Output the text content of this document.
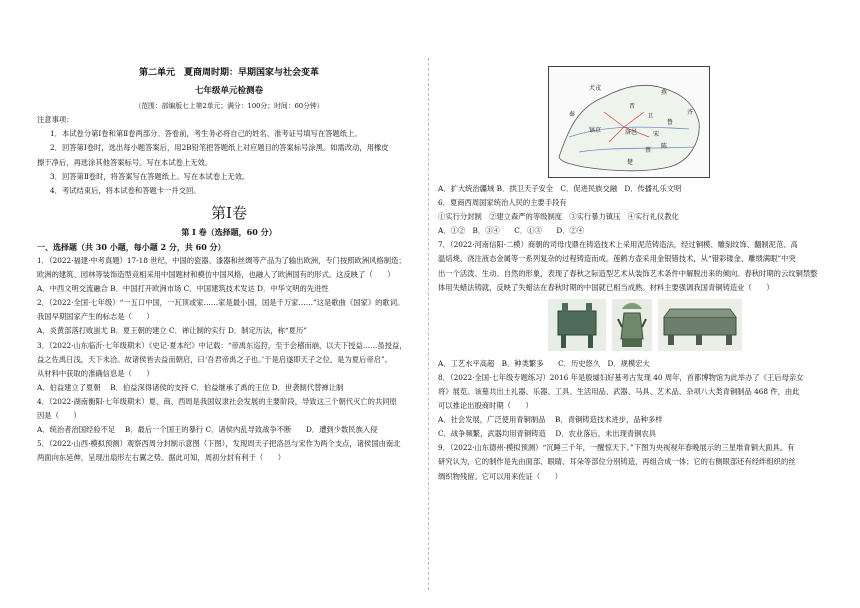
第二单元　夏商周时期：早期国家与社会变革
七年级单元检测卷
（范围：部编版七上第2单元；满分：100分；时间：60分钟）

注意事项：

1．本试卷分第Ⅰ卷和第Ⅱ卷两部分。答卷前，考生务必将自己的姓名、准考证号填写在答题纸上。

2．回答第Ⅰ卷时，选出每小题答案后，用2B铅笔把答题纸上对应题目的答案标号涂黑。如需改动，用橡皮

擦干净后，再选涂其他答案标号。写在本试卷上无效。

3．回答第Ⅱ卷时，将答案写在答题纸上。写在本试卷上无效。

4．考试结束后，将本试卷和答题卡一并交回。

第Ⅰ卷
第 I 卷（选择题，60 分）
一、选择题（共 30 小题，每小题 2 分，共 60 分）

1．（2022·福建·中考真题）17-18 世纪，中国的瓷器、漆器和丝绸等产品为了输出欧洲，专门按照欧洲风格制造；

欧洲的建筑、园林等装饰造型竞相采用中国题材和模仿中国风格，也融入了欧洲国有的形式。这反映了（　　）

A．中西文明交流融合 B．中国打开欧洲市场 C．中国建筑技术发达 D．中华文明的先进性

2．（2022·全国·七年级）“一五口中国，一瓦顶或家……家是最小国，国是千万家……”这是歌曲《国家》的歌词。

我国早期国家产生的标志是（　　）

A．炎黄部落打败蚩尤 B．夏王朝的建立 C．禅让制的实行 D．制定历法，称“夏历”

3．（2022·山东临沂·七年级期末）《史记·夏本纪》中记载：“帝禹东巡狩，至于会稽而崩，以天下授益……虽授益，

益之佐禹日浅，天下未洽。故诸侯皆去益而朝启，曰‘吾君帝禹之子也。’于是启遂即天子之位，是为夏后帝启”。

从材料中获取的准确信息是（　　）

A．伯益建立了夏朝　 B．伯益深得诸侯的支持 C．伯益继承了禹的王位 D．世袭制代替禅让制

4．（2022·湖南衡阳·七年级期末）夏、商、西周是我国奴隶社会发展的主要阶段，导致这三个朝代灭亡的共同原

因是（　　）

A．统治者治国经验不足　 B．最后一个国王的暴行 C．诸侯内乱导致战争不断　　D．遭到少数民族入侵

5．（2022·山西·模拟预测）观察西周分封制示意图（下图），发现周天子把洛邑与宋作为两个支点，诸侯国由南北

两面向东延伸，呈现出扇形左右翼之势。据此可知，周初分封有利于（　　）

犬戎
燕
晋
卫
鲁
齐
宋
洛邑
镐京
蔡
楚
秦
陈

A．扩大统治疆域 B．拱卫天子安全　C．促进民族交融　D．传播礼乐文明

6．夏商西周国家统治人民的主要手段有

①实行分封制　②建立森严的等级制度　③实行暴力镇压　④实行礼仪教化

A．①②　B．③④　　C．①③　　D．②④

7．（2022·河南信阳·二模）商朝的司母戊鼎在铸造技术上采用泥范铸造法，经过铜模、雕刻纹饰、翻制泥范、高

温焙烧、浇注液态金属等一系列复杂的过程铸造而成。莲鹤方壶采用金银错技术，从“错彩镂金、雕缋满眼”中突

出一个活泼、生动、自然的形象，表现了春秋之际造型艺术从装饰艺术条件中解脱出来的倾向。春秋时期的云纹铜禁整

体用失蜡法铸就，反映了失蜡法在春秋时期的中国就已相当成熟。材料主要强调我国青铜铸造业（　　）

A．工艺水平高超　B．种类繁多　　C．历史悠久　D．规模宏大

8．（2022·全国·七年级专题练习）2016 年是殷墟妇好墓考古发现 40 周年，首都博物馆为此举办了《王后母亲女

将》展览。该墓共出土礼器、乐器、工具、生活用品、武器、马具、艺术品、杂项八大类青铜制品 468 件，由此

可以推论出殷商时期（　　）

A．社会发展，广泛使用青铜制品　 B．青铜铸造技术进步，品种多样

C．战争频繁，武器均用青铜铸造　 D．农业落后，未出现青铜农具

9．（2022·山东德州·模拟预测）“沉睡三千年，一醒惊天下。”下图为央视视年春晚展示的三星堆青铜大面具。有

研究认为，它的制作是先由面部、眼睛、耳朵等部位分别铸造，再组合成一体；它的右侧眼部还有经绊组织的丝

绸织物残留。它可以用来佐证（　　）
